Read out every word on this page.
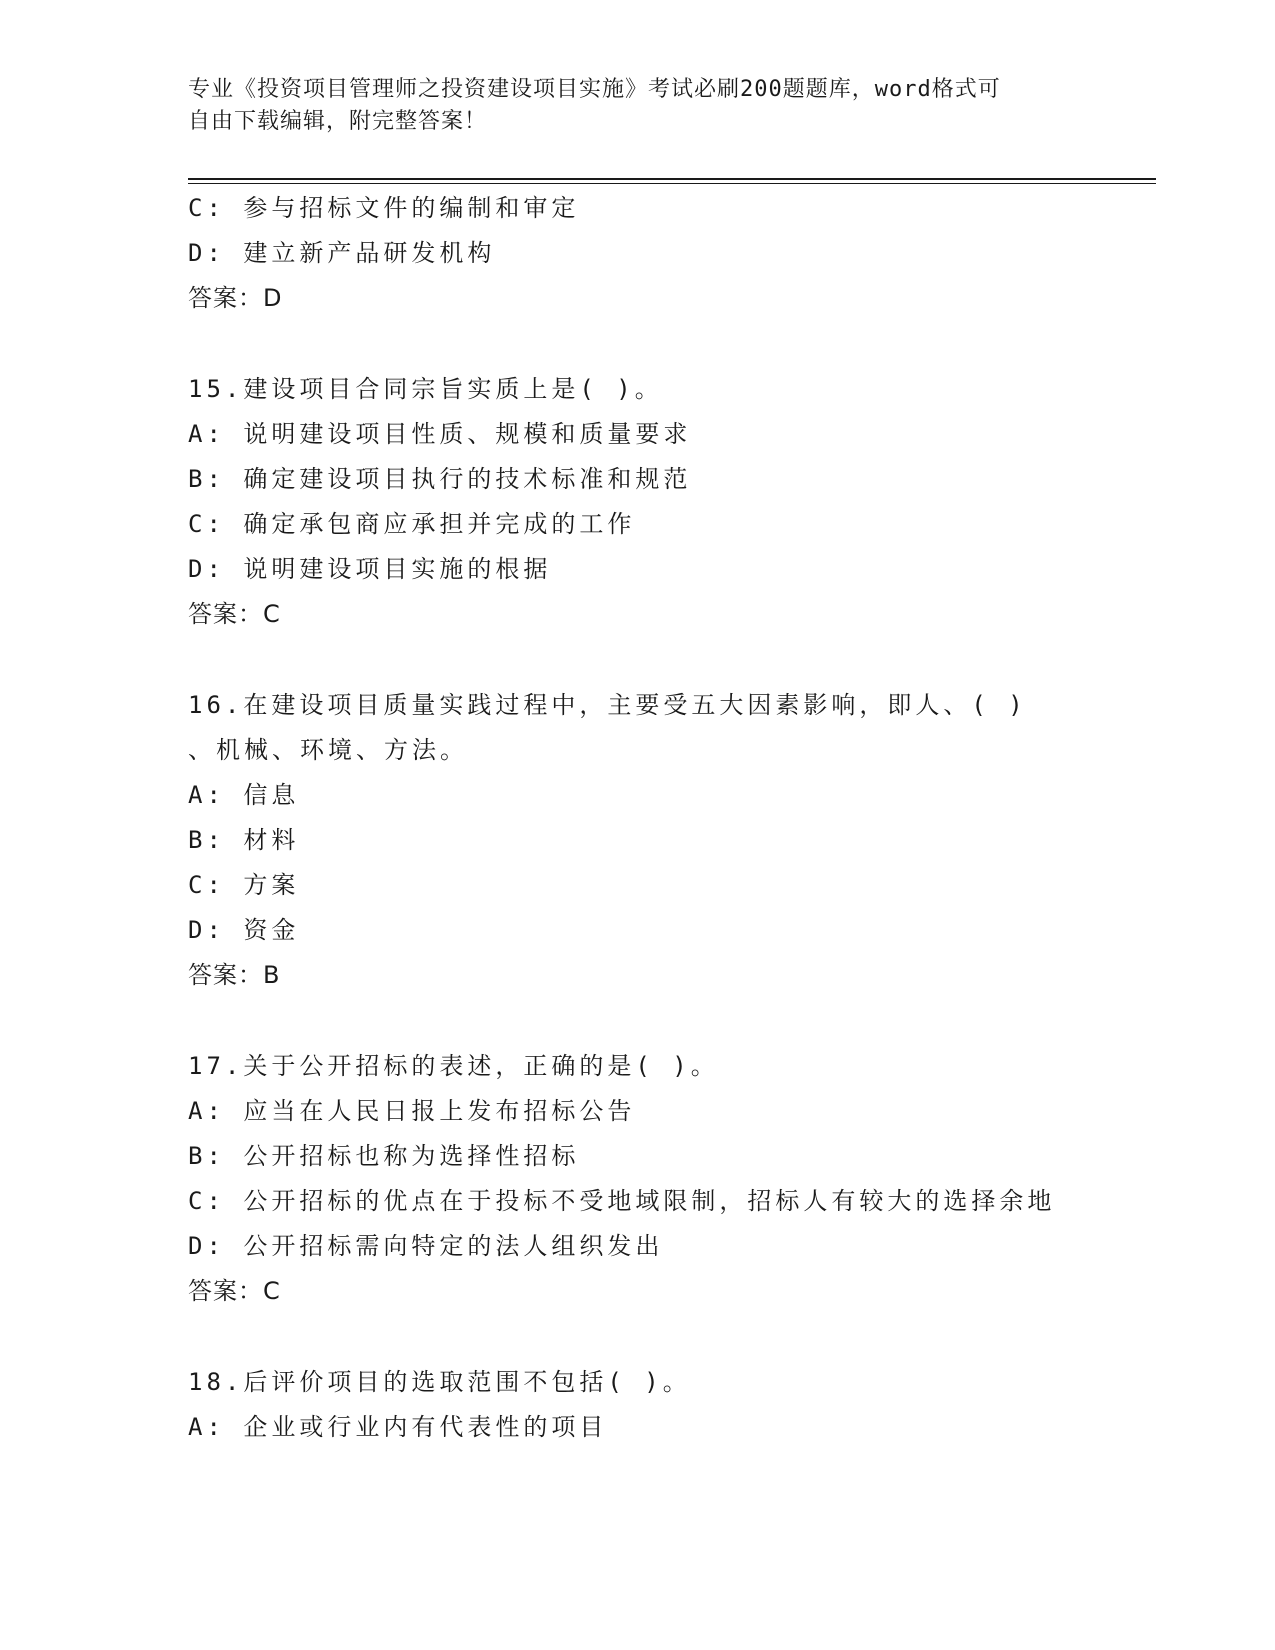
专业《投资项目管理师之投资建设项目实施》考试必刷200题题库，word格式可
自由下载编辑，附完整答案！
C: 参与招标文件的编制和审定
D: 建立新产品研发机构
答案：D
15.建设项目合同宗旨实质上是( )。
A: 说明建设项目性质、规模和质量要求
B: 确定建设项目执行的技术标准和规范
C: 确定承包商应承担并完成的工作
D: 说明建设项目实施的根据
答案：C
16.在建设项目质量实践过程中，主要受五大因素影响，即人、( )
、机械、环境、方法。
A: 信息
B: 材料
C: 方案
D: 资金
答案：B
17.关于公开招标的表述，正确的是( )。
A: 应当在人民日报上发布招标公告
B: 公开招标也称为选择性招标
C: 公开招标的优点在于投标不受地域限制，招标人有较大的选择余地
D: 公开招标需向特定的法人组织发出
答案：C
18.后评价项目的选取范围不包括( )。
A: 企业或行业内有代表性的项目
